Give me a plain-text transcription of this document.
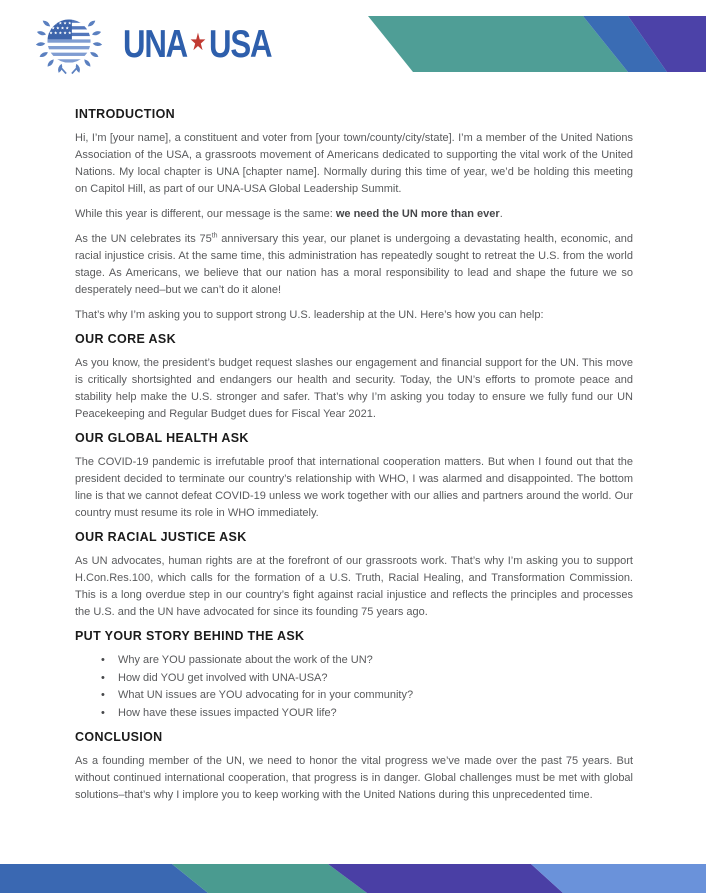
UNA ★ USA
INTRODUCTION

Hi, I’m [your name], a constituent and voter from [your town/county/city/state]. I’m a member of the United Nations Association of the USA, a grassroots movement of Americans dedicated to supporting the vital work of the United Nations. My local chapter is UNA [chapter name]. Normally during this time of year, we’d be holding this meeting on Capitol Hill, as part of our UNA-USA Global Leadership Summit.

While this year is different, our message is the same: we need the UN more than ever.

As the UN celebrates its 75th anniversary this year, our planet is undergoing a devastating health, economic, and racial injustice crisis. At the same time, this administration has repeatedly sought to retreat the U.S. from the world stage. As Americans, we believe that our nation has a moral responsibility to lead and shape the future we so desperately need–but we can’t do it alone!

That’s why I’m asking you to support strong U.S. leadership at the UN. Here’s how you can help:

OUR CORE ASK

As you know, the president’s budget request slashes our engagement and financial support for the UN. This move is critically shortsighted and endangers our health and security. Today, the UN’s efforts to promote peace and stability help make the U.S. stronger and safer. That’s why I’m asking you today to ensure we fully fund our UN Peacekeeping and Regular Budget dues for Fiscal Year 2021.

OUR GLOBAL HEALTH ASK

The COVID-19 pandemic is irrefutable proof that international cooperation matters. But when I found out that the president decided to terminate our country’s relationship with WHO, I was alarmed and disappointed. The bottom line is that we cannot defeat COVID-19 unless we work together with our allies and partners around the world. Our country must resume its role in WHO immediately.

OUR RACIAL JUSTICE ASK

As UN advocates, human rights are at the forefront of our grassroots work. That’s why I’m asking you to support H.Con.Res.100, which calls for the formation of a U.S. Truth, Racial Healing, and Transformation Commission. This is a long overdue step in our country’s fight against racial injustice and reflects the principles and processes the U.S. and the UN have advocated for since its founding 75 years ago.

PUT YOUR STORY BEHIND THE ASK
• Why are YOU passionate about the work of the UN?
• How did YOU get involved with UNA-USA?
• What UN issues are YOU advocating for in your community?
• How have these issues impacted YOUR life?
CONCLUSION

As a founding member of the UN, we need to honor the vital progress we’ve made over the past 75 years. But without continued international cooperation, that progress is in danger. Global challenges must be met with global solutions–that’s why I implore you to keep working with the United Nations during this unprecedented time.
